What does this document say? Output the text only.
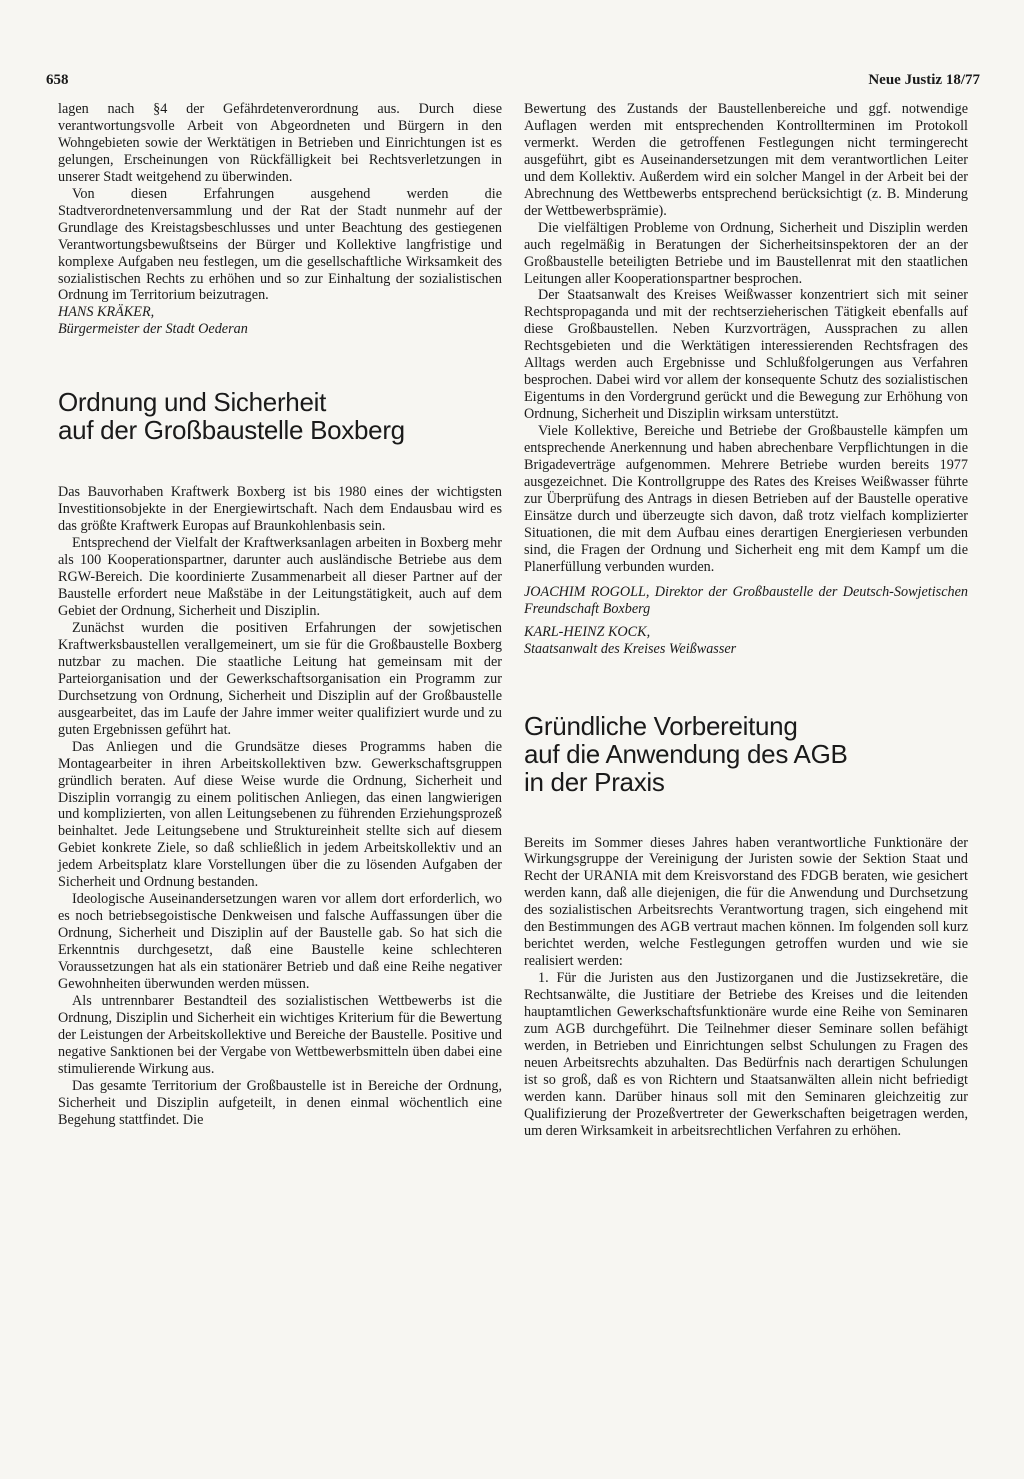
658	Neue Justiz 18/77

lagen nach §4 der Gefährdetenverordnung aus. Durch diese verantwortungsvolle Arbeit von Abgeordneten und Bürgern in den Wohngebieten sowie der Werktätigen in Betrieben und Einrichtungen ist es gelungen, Erscheinungen von Rückfälligkeit bei Rechtsverletzungen in unserer Stadt weitgehend zu überwinden.

Von diesen Erfahrungen ausgehend werden die Stadtverordnetenversammlung und der Rat der Stadt nunmehr auf der Grundlage des Kreistagsbeschlusses und unter Beachtung des gestiegenen Verantwortungsbewußtseins der Bürger und Kollektive langfristige und komplexe Aufgaben neu festlegen, um die gesellschaftliche Wirksamkeit des sozialistischen Rechts zu erhöhen und so zur Einhaltung der sozialistischen Ordnung im Territorium beizutragen.

HANS KRÄKER,

Bürgermeister der Stadt Oederan

Ordnung und Sicherheit
auf der Großbaustelle Boxberg

Das Bauvorhaben Kraftwerk Boxberg ist bis 1980 eines der wichtigsten Investitionsobjekte in der Energiewirtschaft. Nach dem Endausbau wird es das größte Kraftwerk Europas auf Braunkohlenbasis sein.

Entsprechend der Vielfalt der Kraftwerksanlagen arbeiten in Boxberg mehr als 100 Kooperationspartner, darunter auch ausländische Betriebe aus dem RGW-Bereich. Die koordinierte Zusammenarbeit all dieser Partner auf der Baustelle erfordert neue Maßstäbe in der Leitungstätigkeit, auch auf dem Gebiet der Ordnung, Sicherheit und Disziplin.

Zunächst wurden die positiven Erfahrungen der sowjetischen Kraftwerksbaustellen verallgemeinert, um sie für die Großbaustelle Boxberg nutzbar zu machen. Die staatliche Leitung hat gemeinsam mit der Parteiorganisation und der Gewerkschaftsorganisation ein Programm zur Durchsetzung von Ordnung, Sicherheit und Disziplin auf der Großbaustelle ausgearbeitet, das im Laufe der Jahre immer weiter qualifiziert wurde und zu guten Ergebnissen geführt hat.

Das Anliegen und die Grundsätze dieses Programms haben die Montagearbeiter in ihren Arbeitskollektiven bzw. Gewerkschaftsgruppen gründlich beraten. Auf diese Weise wurde die Ordnung, Sicherheit und Disziplin vorrangig zu einem politischen Anliegen, das einen langwierigen und komplizierten, von allen Leitungsebenen zu führenden Erziehungsprozeß beinhaltet. Jede Leitungsebene und Struktureinheit stellte sich auf diesem Gebiet konkrete Ziele, so daß schließlich in jedem Arbeitskollektiv und an jedem Arbeitsplatz klare Vorstellungen über die zu lösenden Aufgaben der Sicherheit und Ordnung bestanden.

Ideologische Auseinandersetzungen waren vor allem dort erforderlich, wo es noch betriebsegoistische Denkweisen und falsche Auffassungen über die Ordnung, Sicherheit und Disziplin auf der Baustelle gab. So hat sich die Erkenntnis durchgesetzt, daß eine Baustelle keine schlechteren Voraussetzungen hat als ein stationärer Betrieb und daß eine Reihe negativer Gewohnheiten überwunden werden müssen.

Als untrennbarer Bestandteil des sozialistischen Wettbewerbs ist die Ordnung, Disziplin und Sicherheit ein wichtiges Kriterium für die Bewertung der Leistungen der Arbeitskollektive und Bereiche der Baustelle. Positive und negative Sanktionen bei der Vergabe von Wettbewerbsmitteln üben dabei eine stimulierende Wirkung aus.

Das gesamte Territorium der Großbaustelle ist in Bereiche der Ordnung, Sicherheit und Disziplin aufgeteilt, in denen einmal wöchentlich eine Begehung stattfindet. Die

Bewertung des Zustands der Baustellenbereiche und ggf. notwendige Auflagen werden mit entsprechenden Kontrollterminen im Protokoll vermerkt. Werden die getroffenen Festlegungen nicht termingerecht ausgeführt, gibt es Auseinandersetzungen mit dem verantwortlichen Leiter und dem Kollektiv. Außerdem wird ein solcher Mangel in der Arbeit bei der Abrechnung des Wettbewerbs entsprechend berücksichtigt (z. B. Minderung der Wettbewerbsprämie).

Die vielfältigen Probleme von Ordnung, Sicherheit und Disziplin werden auch regelmäßig in Beratungen der Sicherheitsinspektoren der an der Großbaustelle beteiligten Betriebe und im Baustellenrat mit den staatlichen Leitungen aller Kooperationspartner besprochen.

Der Staatsanwalt des Kreises Weißwasser konzentriert sich mit seiner Rechtspropaganda und mit der rechtserzieherischen Tätigkeit ebenfalls auf diese Großbaustellen. Neben Kurzvorträgen, Aussprachen zu allen Rechtsgebieten und die Werktätigen interessierenden Rechtsfragen des Alltags werden auch Ergebnisse und Schlußfolgerungen aus Verfahren besprochen. Dabei wird vor allem der konsequente Schutz des sozialistischen Eigentums in den Vordergrund gerückt und die Bewegung zur Erhöhung von Ordnung, Sicherheit und Disziplin wirksam unterstützt.

Viele Kollektive, Bereiche und Betriebe der Großbaustelle kämpfen um entsprechende Anerkennung und haben abrechenbare Verpflichtungen in die Brigadeverträge aufgenommen. Mehrere Betriebe wurden bereits 1977 ausgezeichnet. Die Kontrollgruppe des Rates des Kreises Weißwasser führte zur Überprüfung des Antrags in diesen Betrieben auf der Baustelle operative Einsätze durch und überzeugte sich davon, daß trotz vielfach komplizierter Situationen, die mit dem Aufbau eines derartigen Energieriesen verbunden sind, die Fragen der Ordnung und Sicherheit eng mit dem Kampf um die Planerfüllung verbunden wurden.

JOACHIM ROGOLL, Direktor der Großbaustelle der Deutsch-Sowjetischen Freundschaft Boxberg

KARL-HEINZ KOCK,

Staatsanwalt des Kreises Weißwasser

Gründliche Vorbereitung
auf die Anwendung des AGB
in der Praxis

Bereits im Sommer dieses Jahres haben verantwortliche Funktionäre der Wirkungsgruppe der Vereinigung der Juristen sowie der Sektion Staat und Recht der URANIA mit dem Kreisvorstand des FDGB beraten, wie gesichert werden kann, daß alle diejenigen, die für die Anwendung und Durchsetzung des sozialistischen Arbeitsrechts Verantwortung tragen, sich eingehend mit den Bestimmungen des AGB vertraut machen können. Im folgenden soll kurz berichtet werden, welche Festlegungen getroffen wurden und wie sie realisiert werden:

1. Für die Juristen aus den Justizorganen und die Justizsekretäre, die Rechtsanwälte, die Justitiare der Betriebe des Kreises und die leitenden hauptamtlichen Gewerkschaftsfunktionäre wurde eine Reihe von Seminaren zum AGB durchgeführt. Die Teilnehmer dieser Seminare sollen befähigt werden, in Betrieben und Einrichtungen selbst Schulungen zu Fragen des neuen Arbeitsrechts abzuhalten. Das Bedürfnis nach derartigen Schulungen ist so groß, daß es von Richtern und Staatsanwälten allein nicht befriedigt werden kann. Darüber hinaus soll mit den Seminaren gleichzeitig zur Qualifizierung der Prozeßvertreter der Gewerkschaften beigetragen werden, um deren Wirksamkeit in arbeitsrechtlichen Verfahren zu erhöhen.
